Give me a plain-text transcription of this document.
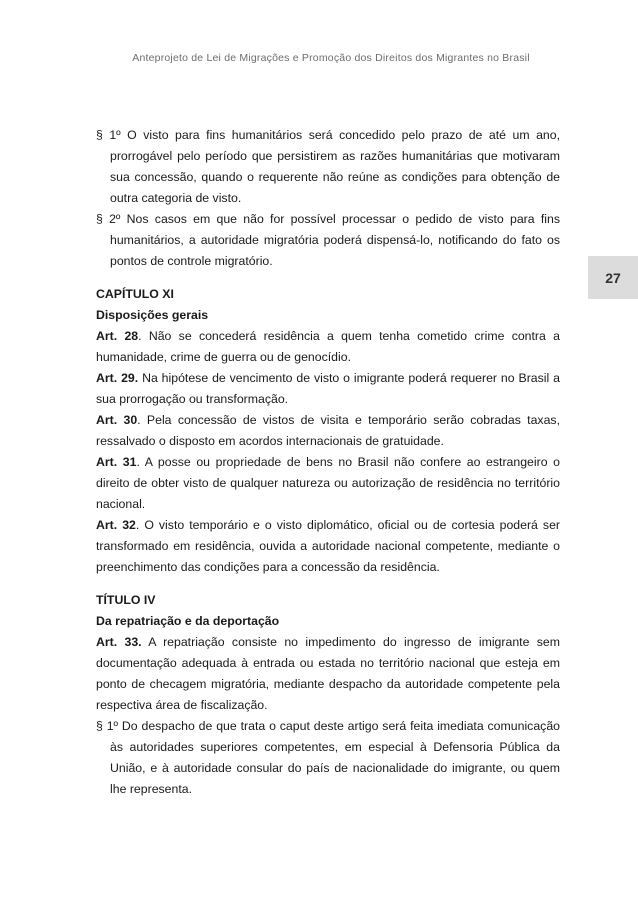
Anteprojeto de Lei de Migrações e Promoção dos Direitos dos Migrantes no Brasil
27

§ 1º O visto para fins humanitários será concedido pelo prazo de até um ano, prorrogável pelo período que persistirem as razões humanitárias que motivaram sua concessão, quando o requerente não reúne as condições para obtenção de outra categoria de visto.

§ 2º Nos casos em que não for possível processar o pedido de visto para fins humanitários, a autoridade migratória poderá dispensá-lo, notificando do fato os pontos de controle migratório.

CAPÍTULO XI

Disposições gerais

Art. 28. Não se concederá residência a quem tenha cometido crime contra a humanidade, crime de guerra ou de genocídio.

Art. 29. Na hipótese de vencimento de visto o imigrante poderá requerer no Brasil a sua prorrogação ou transformação.

Art. 30. Pela concessão de vistos de visita e temporário serão cobradas taxas, ressalvado o disposto em acordos internacionais de gratuidade.

Art. 31. A posse ou propriedade de bens no Brasil não confere ao estrangeiro o direito de obter visto de qualquer natureza ou autorização de residência no território nacional.

Art. 32. O visto temporário e o visto diplomático, oficial ou de cortesia poderá ser transformado em residência, ouvida a autoridade nacional competente, mediante o preenchimento das condições para a concessão da residência.

TÍTULO IV

Da repatriação e da deportação

Art. 33. A repatriação consiste no impedimento do ingresso de imigrante sem documentação adequada à entrada ou estada no território nacional que esteja em ponto de checagem migratória, mediante despacho da autoridade competente pela respectiva área de fiscalização.

§ 1º Do despacho de que trata o caput deste artigo será feita imediata comunicação às autoridades superiores competentes, em especial à Defensoria Pública da União, e à autoridade consular do país de nacionalidade do imigrante, ou quem lhe representa.
